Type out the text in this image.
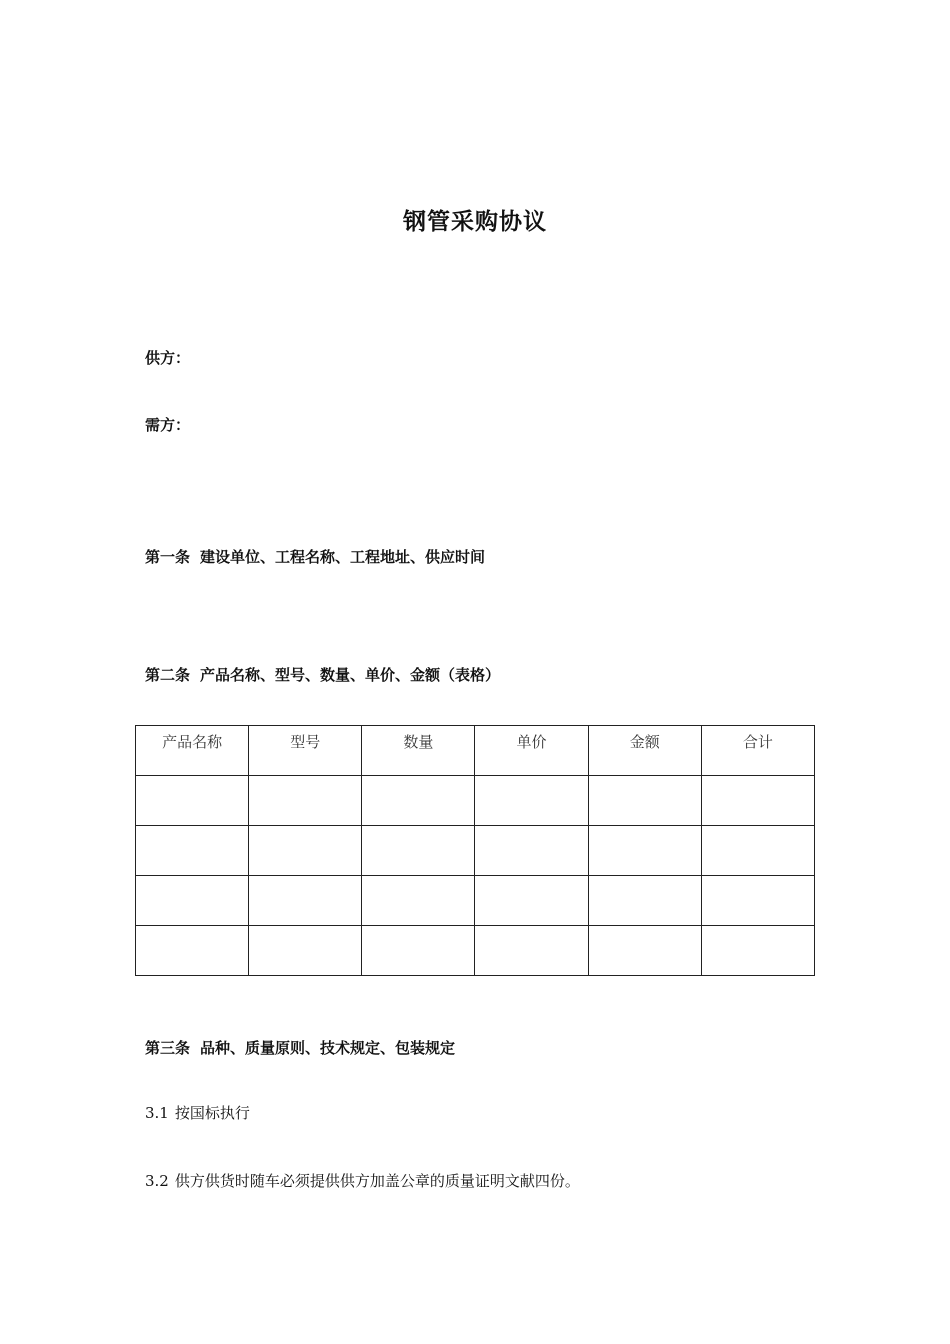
钢管采购协议

供方：

需方：

第一条 建设单位、工程名称、工程地址、供应时间

第二条 产品名称、型号、数量、单价、金额（表格）

产品名称	型号	数量	单价	金额	合计

第三条 品种、质量原则、技术规定、包装规定

3.1 按国标执行

3.2 供方供货时随车必须提供供方加盖公章的质量证明文献四份。
